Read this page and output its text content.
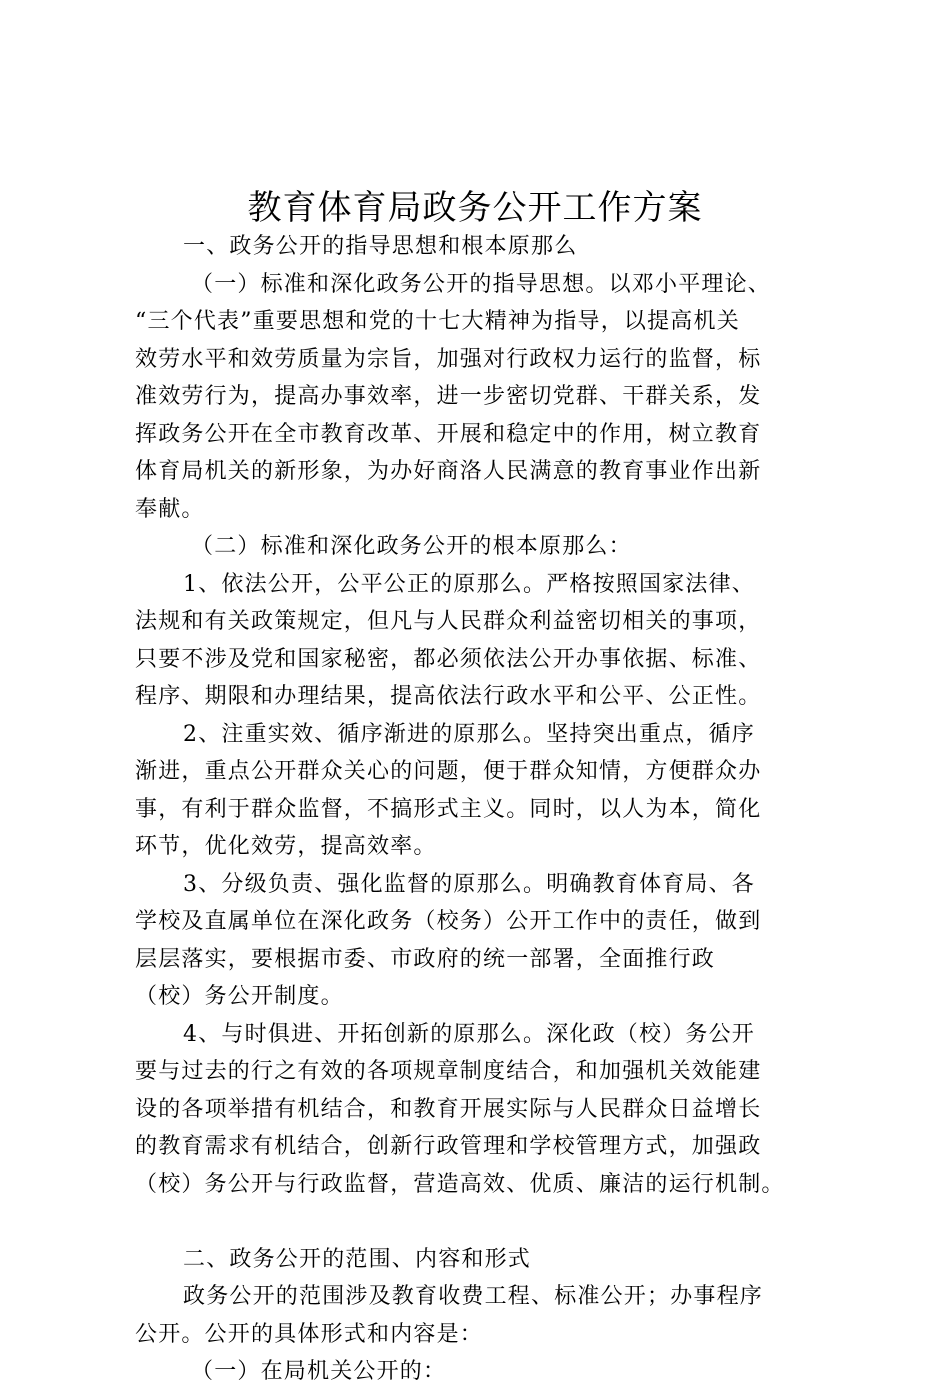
教育体育局政务公开工作方案

一、政务公开的指导思想和根本原那么

（一）标准和深化政务公开的指导思想。以邓小平理论、

“三个代表”重要思想和党的十七大精神为指导，以提高机关

效劳水平和效劳质量为宗旨，加强对行政权力运行的监督，标

准效劳行为，提高办事效率，进一步密切党群、干群关系，发

挥政务公开在全市教育改革、开展和稳定中的作用，树立教育

体育局机关的新形象，为办好商洛人民满意的教育事业作出新

奉献。

（二）标准和深化政务公开的根本原那么：

1、依法公开，公平公正的原那么。严格按照国家法律、

法规和有关政策规定，但凡与人民群众利益密切相关的事项，

只要不涉及党和国家秘密，都必须依法公开办事依据、标准、

程序、期限和办理结果，提高依法行政水平和公平、公正性。

2、注重实效、循序渐进的原那么。坚持突出重点，循序

渐进，重点公开群众关心的问题，便于群众知情，方便群众办

事，有利于群众监督，不搞形式主义。同时，以人为本，简化

环节，优化效劳，提高效率。

3、分级负责、强化监督的原那么。明确教育体育局、各

学校及直属单位在深化政务（校务）公开工作中的责任，做到

层层落实，要根据市委、市政府的统一部署，全面推行政

（校）务公开制度。

4、与时俱进、开拓创新的原那么。深化政（校）务公开

要与过去的行之有效的各项规章制度结合，和加强机关效能建

设的各项举措有机结合，和教育开展实际与人民群众日益增长

的教育需求有机结合，创新行政管理和学校管理方式，加强政

（校）务公开与行政监督，营造高效、优质、廉洁的运行机制。

二、政务公开的范围、内容和形式

政务公开的范围涉及教育收费工程、标准公开；办事程序

公开。公开的具体形式和内容是：

（一）在局机关公开的：
